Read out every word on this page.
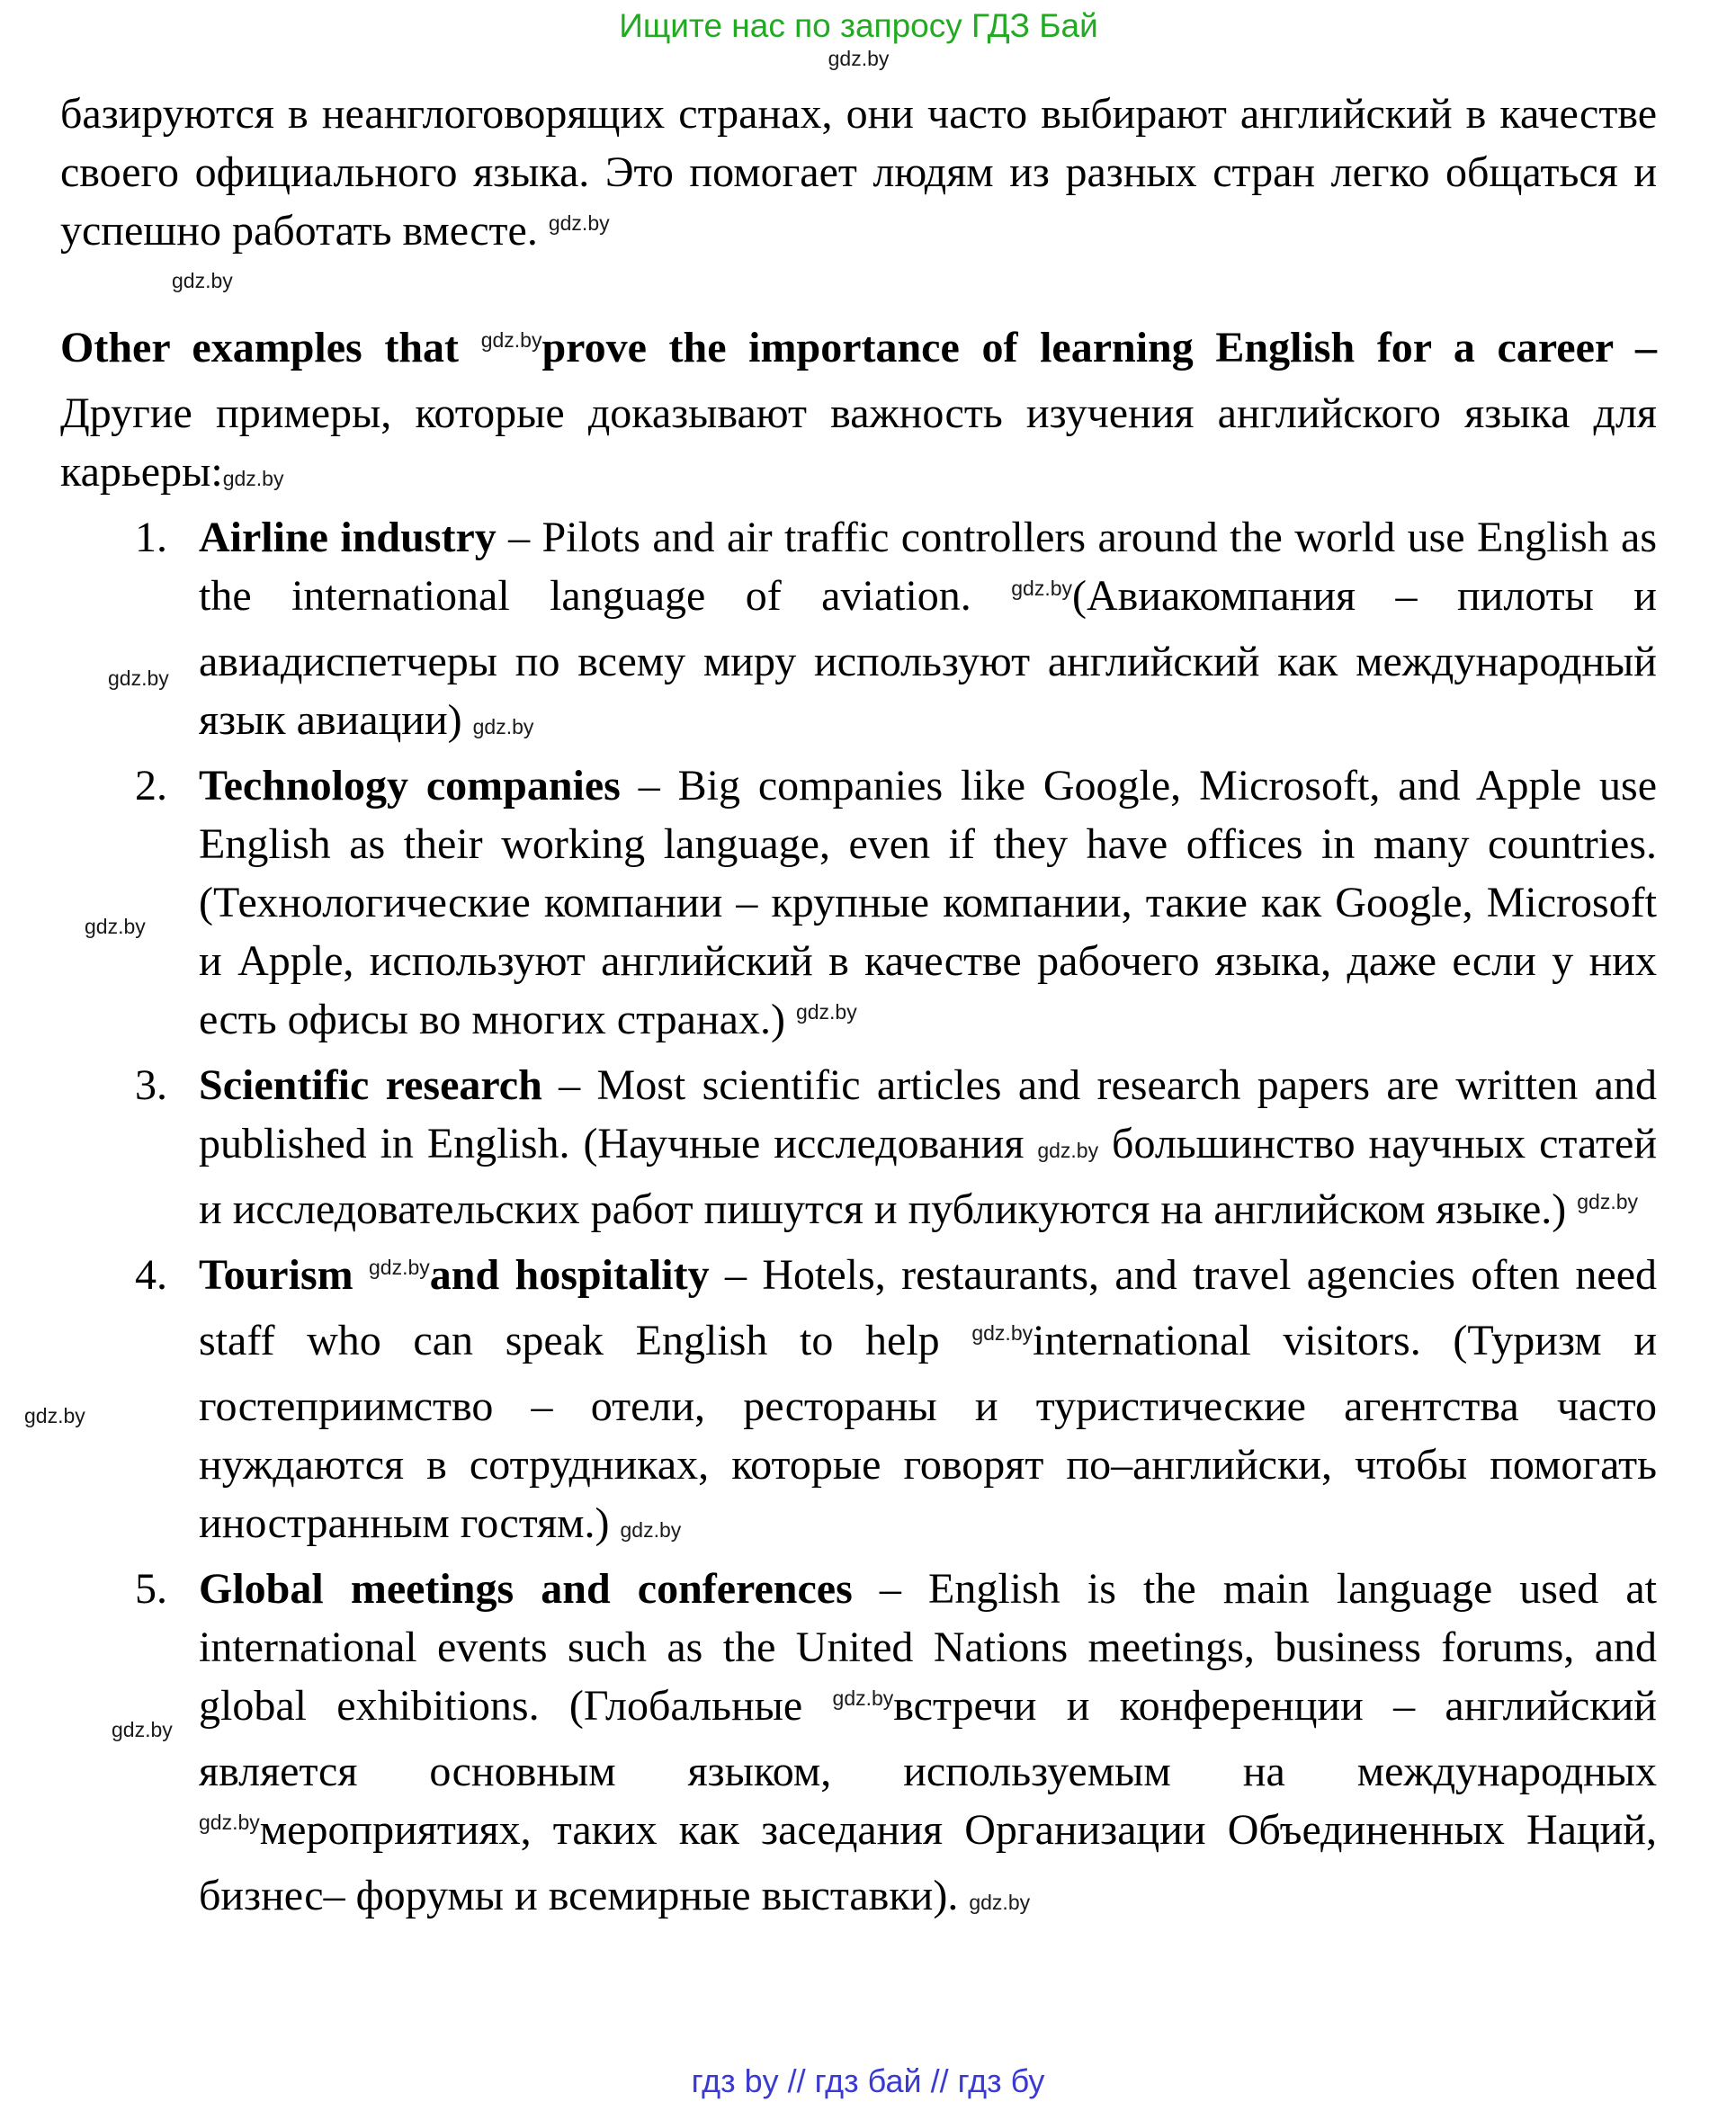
Ищите нас по запросу ГДЗ Бай
gdz.by

базируются в неанглоговорящих странах, они часто выбирают английский в качестве своего официального языка. Это помогает людям из разных стран легко общаться и успешно работать вместе. $^{gdz.by}$
gdz.by

Other examples that $^{gdz.by}$prove the importance of learning English for a career – Другие примеры, которые доказывают важность изучения английского языка для карьеры:gdz.by

1. Airline industry – Pilots and air traffic controllers around the world use English as the international language of aviation. $^{gdz.by}$(Авиакомпания – пилоты и авиадиспетчеры по всему миру используют английский как международный язык авиации) gdz.by
gdz.by
2. Technology companies – Big companies like Google, Microsoft, and Apple use English as their working language, even if they have offices in many countries. (Технологические компании – крупные компании, такие как Google, Microsoft и Apple, используют английский в качестве рабочего языка, даже если у них есть офисы во многих странах.) $^{gdz.by}$
gdz.by
3. Scientific research – Most scientific articles and research papers are written and published in English. (Научные исследования gdz.by большинство научных статей и исследовательских работ пишутся и публикуются на английском языке.) $^{gdz.by}$
4. Tourism $^{gdz.by}$and hospitality – Hotels, restaurants, and travel agencies often need staff who can speak English to help $^{gdz.by}$international visitors. (Туризм и гостеприимство – отели, рестораны и туристические агентства часто нуждаются в сотрудниках, которые говорят по–английски, чтобы помогать иностранным гостям.) gdz.by
gdz.by
5. Global meetings and conferences – English is the main language used at international events such as the United Nations meetings, business forums, and global exhibitions. (Глобальные $^{gdz.by}$встречи и конференции – английский является основным языком, используемым на международных $^{gdz.by}$мероприятиях, таких как заседания Организации Объединенных Наций, бизнес– форумы и всемирные выставки). gdz.by
gdz.by
гдз by // гдз бай // гдз бу
